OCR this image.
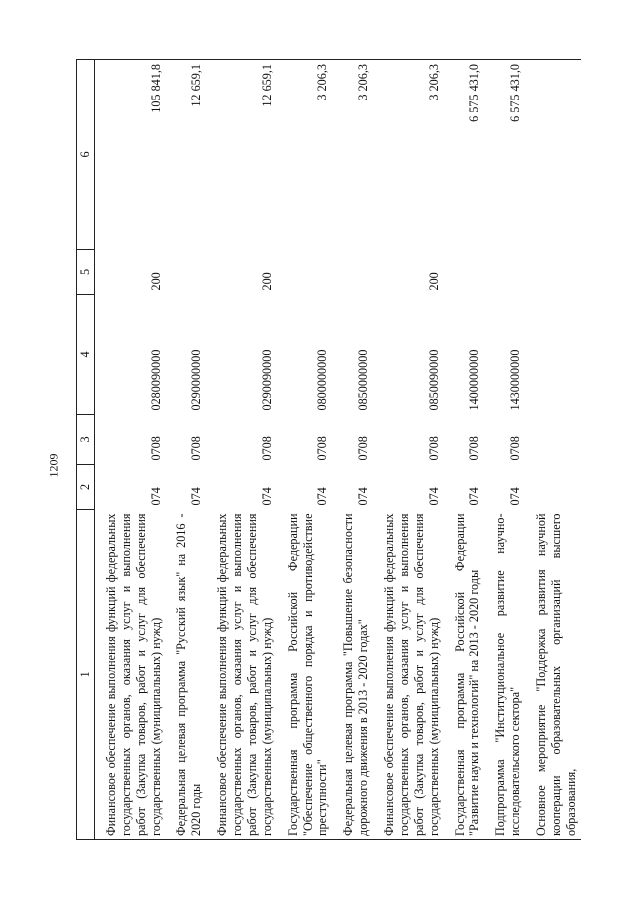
1209
1	2	3	4	5	6
Финансовое обеспечение выполнения функций федеральных государственных органов, оказания услуг и выполнения работ (Закупка товаров, работ и услуг для обеспечения государственных (муниципальных) нужд)	074	0708	0280090000	200	105 841,8
Федеральная целевая программа "Русский язык" на 2016 - 2020 годы	074	0708	0290000000		12 659,1
Финансовое обеспечение выполнения функций федеральных государственных органов, оказания услуг и выполнения работ (Закупка товаров, работ и услуг для обеспечения государственных (муниципальных) нужд)	074	0708	0290090000	200	12 659,1
Государственная программа Российской Федерации "Обеспечение общественного порядка и противодействие преступности"	074	0708	0800000000		3 206,3
Федеральная целевая программа "Повышение безопасности дорожного движения в 2013 - 2020 годах"	074	0708	0850000000		3 206,3
Финансовое обеспечение выполнения функций федеральных государственных органов, оказания услуг и выполнения работ (Закупка товаров, работ и услуг для обеспечения государственных (муниципальных) нужд)	074	0708	0850090000	200	3 206,3
Государственная программа Российской Федерации "Развитие науки и технологий" на 2013 - 2020 годы	074	0708	1400000000		6 575 431,0
Подпрограмма "Институциональное развитие научно-исследовательского сектора"	074	0708	1430000000		6 575 431,0
Основное мероприятие "Поддержка развития научной кооперации образовательных организаций высшего образования,					
